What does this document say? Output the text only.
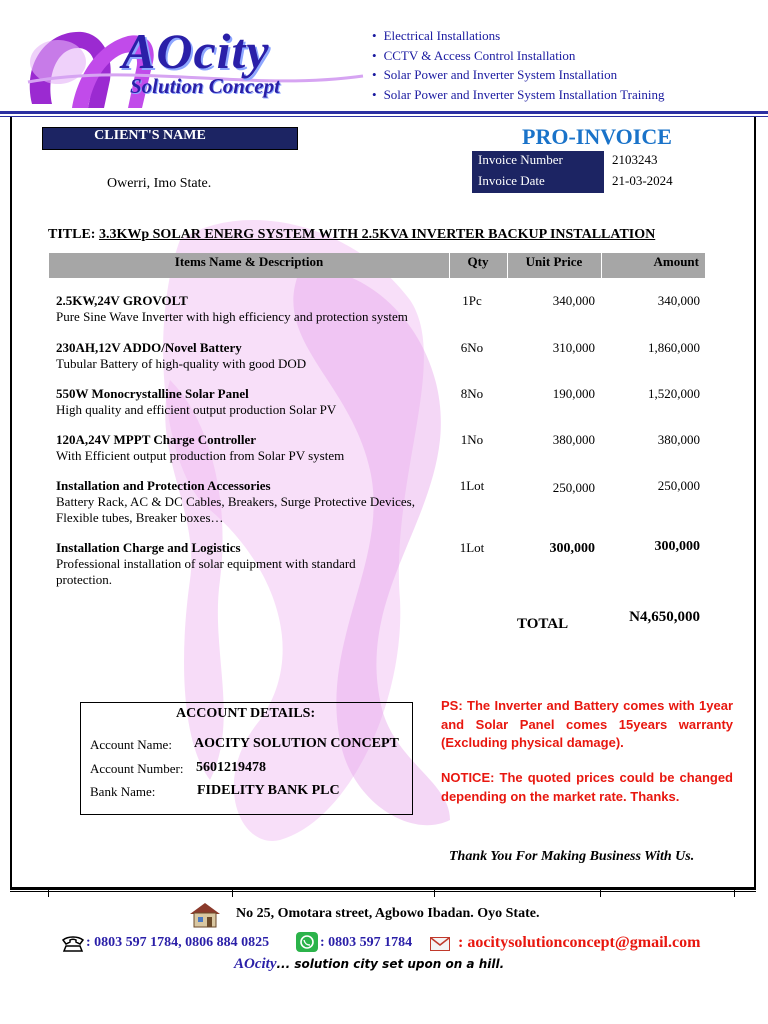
AOcity
Solution Concept
• Electrical Installations
• CCTV & Access Control Installation
• Solar Power and Inverter System Installation
• Solar Power and Inverter System Installation Training
CLIENT'S NAME
Owerri, Imo State.
PRO-INVOICE
Invoice Number	2103243
Invoice Date	21-03-2024
TITLE: 3.3KWp SOLAR ENERG SYSTEM WITH 2.5KVA INVERTER BACKUP INSTALLATION
Items Name & Description	Qty	Unit Price	Amount
2.5KW,24V GROVOLT
Pure Sine Wave Inverter with high efficiency and protection system
1Pc	340,000	340,000
230AH,12V ADDO/Novel Battery
Tubular Battery of high-quality with good DOD
6No	310,000	1,860,000
550W Monocrystalline Solar Panel
High quality and efficient output production Solar PV
8No	190,000	1,520,000
120A,24V MPPT Charge Controller
With Efficient output production from Solar PV system
1No	380,000	380,000
Installation and Protection Accessories
Battery Rack, AC & DC Cables, Breakers, Surge Protective Devices, Flexible tubes, Breaker boxes…
1Lot	250,000	250,000
Installation Charge and Logistics
Professional installation of solar equipment with standard protection.
1Lot	300,000	300,000
TOTAL	N4,650,000
ACCOUNT DETAILS:
Account Name: AOCITY SOLUTION CONCEPT
Account Number: 5601219478
Bank Name:	FIDELITY BANK PLC
PS: The Inverter and Battery comes with 1year and Solar Panel comes 15years warranty (Excluding physical damage).
NOTICE: The quoted prices could be changed depending on the market rate. Thanks.
Thank You For Making Business With Us.
No 25, Omotara street, Agbowo Ibadan. Oyo State.
: 0803 597 1784, 0806 884 0825	: 0803 597 1784	: aocitysolutionconcept@gmail.com
AOcity... solution city set upon on a hill.
